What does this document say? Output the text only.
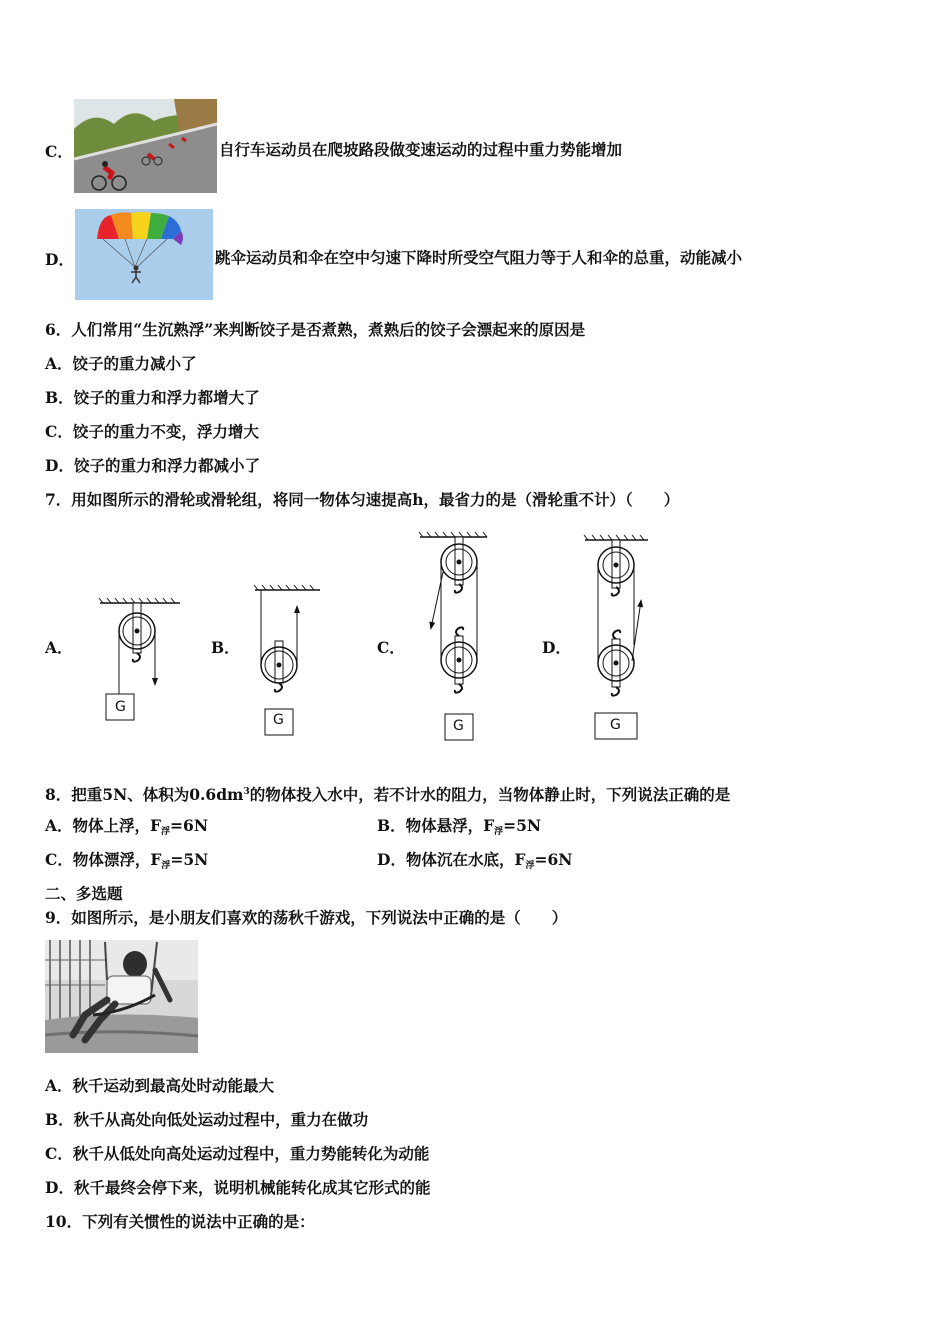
C．	自行车运动员在爬坡路段做变速运动的过程中重力势能增加
D．	跳伞运动员和伞在空中匀速下降时所受空气阻力等于人和伞的总重，动能减小
6．人们常用“生沉熟浮”来判断饺子是否煮熟，煮熟后的饺子会漂起来的原因是
A．饺子的重力减小了
B．饺子的重力和浮力都增大了
C．饺子的重力不变，浮力增大
D．饺子的重力和浮力都减小了
7．用如图所示的滑轮或滑轮组，将同一物体匀速提高h，最省力的是（滑轮重不计）（　　）
A．	B．	C．	D．
G
G	G	G
8．把重5N、体积为$0.6dm^3$的物体投入水中，若不计水的阻力，当物体静止时，下列说法正确的是
A．物体上浮，$F_浮=6N$	B．物体悬浮，$F_浮=5N$
C．物体漂浮，$F_浮=5N$	D．物体沉在水底，$F_浮=6N$
二、多选题
9．如图所示，是小朋友们喜欢的荡秋千游戏，下列说法中正确的是（　　）
A．秋千运动到最高处时动能最大
B．秋千从高处向低处运动过程中，重力在做功
C．秋千从低处向高处运动过程中，重力势能转化为动能
D．秋千最终会停下来，说明机械能转化成其它形式的能
10．下列有关惯性的说法中正确的是：
